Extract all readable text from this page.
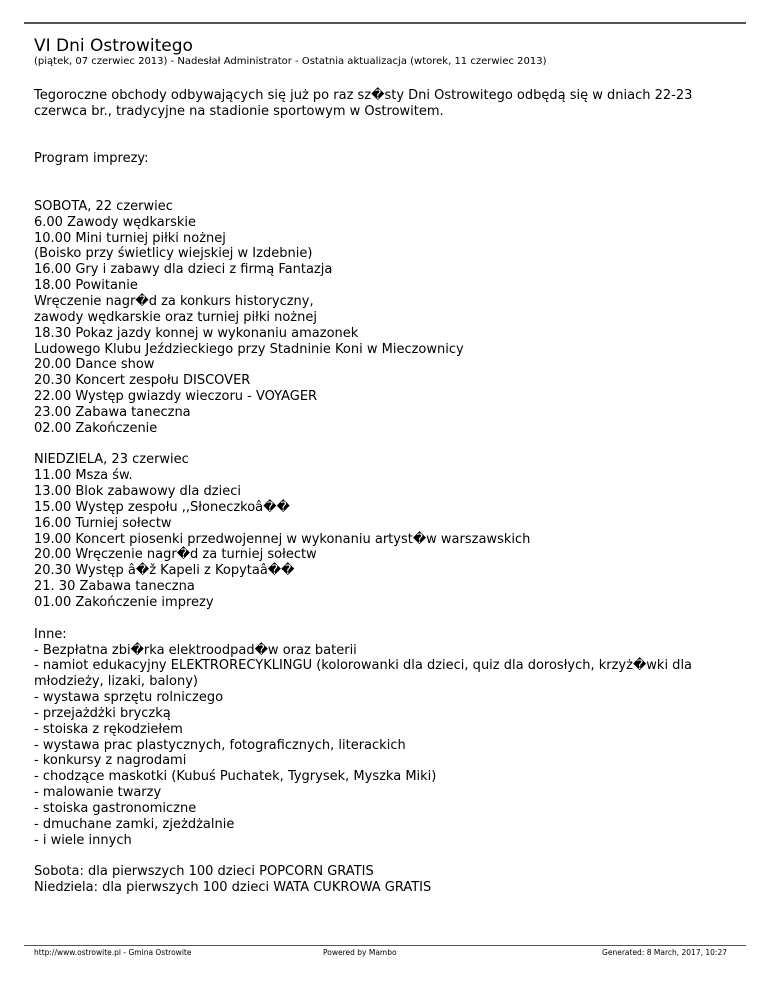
VI Dni Ostrowitego
(piątek, 07 czerwiec 2013) - Nadesłał Administrator - Ostatnia aktualizacja (wtorek, 11 czerwiec 2013)

Tegoroczne obchody odbywających się już po raz sz�sty Dni Ostrowitego odbędą się w dniach 22-23 czerwca br., tradycyjne na stadionie sportowym w Ostrowitem.

Program imprezy:

SOBOTA, 22 czerwiec
6.00 Zawody wędkarskie
10.00 Mini turniej piłki nożnej
(Boisko przy świetlicy wiejskiej w Izdebnie)
16.00 Gry i zabawy dla dzieci z firmą Fantazja
18.00 Powitanie
Wręczenie nagr�d za konkurs historyczny,
zawody wędkarskie oraz turniej piłki nożnej
18.30 Pokaz jazdy konnej w wykonaniu amazonek
Ludowego Klubu Jeździeckiego przy Stadninie Koni w Mieczownicy
20.00 Dance show
20.30 Koncert zespołu DISCOVER
22.00 Występ gwiazdy wieczoru - VOYAGER
23.00 Zabawa taneczna
02.00 Zakończenie
NIEDZIELA, 23 czerwiec
11.00 Msza św.
13.00 Blok zabawowy dla dzieci
15.00 Występ zespołu ,,Słoneczkoâ��
16.00 Turniej sołectw
19.00 Koncert piosenki przedwojennej w wykonaniu artyst�w warszawskich
20.00 Wręczenie nagr�d za turniej sołectw
20.30 Występ â�ž Kapeli z Kopytaâ��
21. 30 Zabawa taneczna
01.00 Zakończenie imprezy
Inne:
- Bezpłatna zbi�rka elektroodpad�w oraz baterii

- namiot edukacyjny ELEKTRORECYKLINGU (kolorowanki dla dzieci, quiz dla dorosłych, krzyż�wki dla młodzieży, lizaki, balony)

- wystawa sprzętu rolniczego
- przejażdżki bryczką
- stoiska z rękodziełem
- wystawa prac plastycznych, fotograficznych, literackich
- konkursy z nagrodami
- chodzące maskotki (Kubuś Puchatek, Tygrysek, Myszka Miki)
- malowanie twarzy
- stoiska gastronomiczne
- dmuchane zamki, zjeżdżalnie
- i wiele innych
Sobota: dla pierwszych 100 dzieci POPCORN GRATIS
Niedziela: dla pierwszych 100 dzieci WATA CUKROWA GRATIS
http://www.ostrowite.pl - Gmina Ostrowite	Powered by Mambo	Generated: 8 March, 2017, 10:27
